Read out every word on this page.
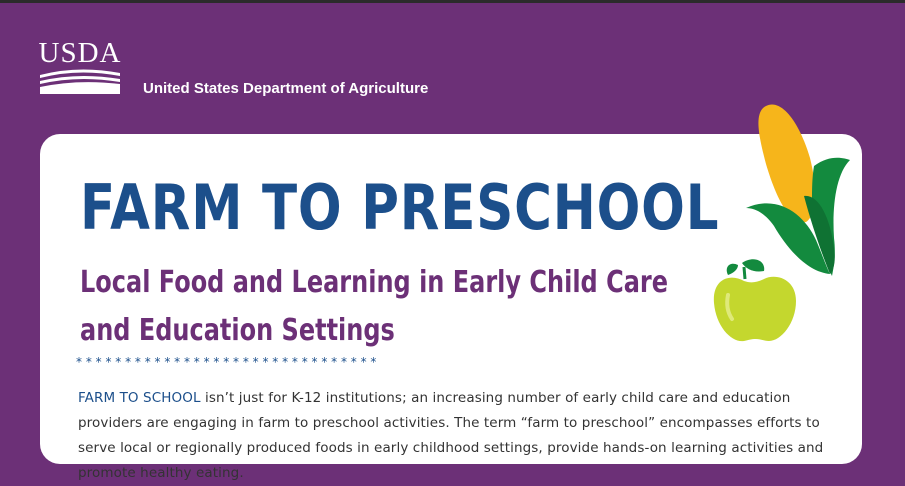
USDA
United States Department of Agriculture
FARM TO PRESCHOOL
Local Food and Learning in Early Child Care
and Education Settings
* * * * * * * * * * * * * * * * * * * * * * * * * * * * * * *

FARM TO SCHOOL isn’t just for K-12 institutions; an increasing number of early child care and education providers are engaging in farm to preschool activities. The term “farm to preschool” encompasses efforts to serve local or regionally produced foods in early childhood settings, provide hands-on learning activities and promote healthy eating.
